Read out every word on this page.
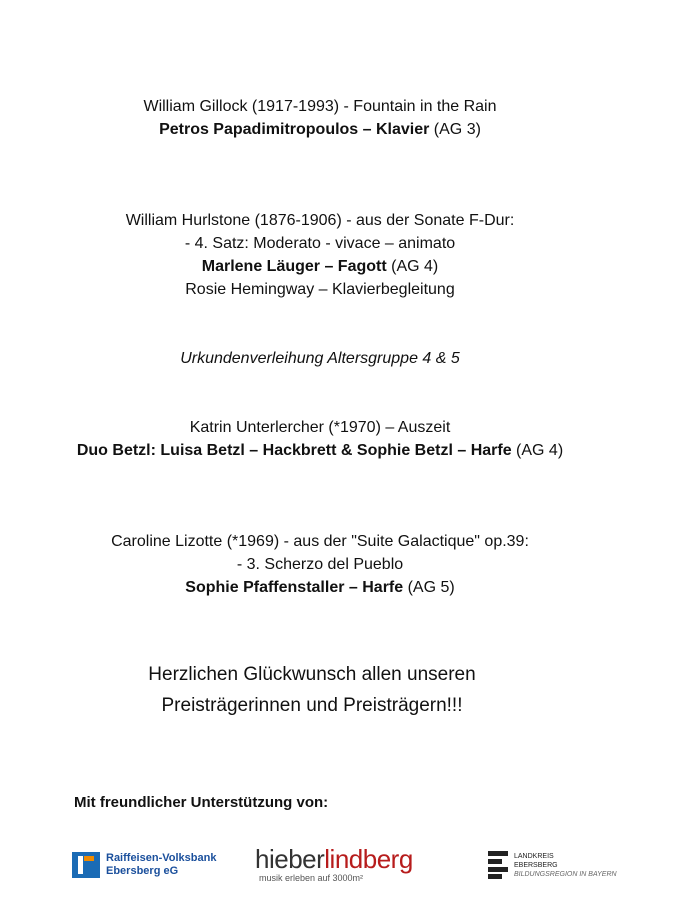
William Gillock (1917-1993) - Fountain in the Rain
Petros Papadimitropoulos – Klavier (AG 3)
William Hurlstone (1876-1906) - aus der Sonate F-Dur:
- 4. Satz: Moderato - vivace – animato
Marlene Läuger – Fagott (AG 4)
Rosie Hemingway – Klavierbegleitung
Urkundenverleihung Altersgruppe 4 & 5
Katrin Unterlercher (*1970) – Auszeit
Duo Betzl: Luisa Betzl – Hackbrett & Sophie Betzl – Harfe (AG 4)
Caroline Lizotte (*1969) - aus der "Suite Galactique" op.39:
- 3. Scherzo del Pueblo
Sophie Pfaffenstaller – Harfe (AG 5)
Herzlichen Glückwunsch allen unseren
Preisträgerinnen und Preisträgern!!!
Mit freundlicher Unterstützung von:
Raiffeisen-Volksbank
Ebersberg eG	hieberlindberg
musik erleben auf 3000m²
LANDKREIS
EBERSBERG
BILDUNGSREGION IN BAYERN
